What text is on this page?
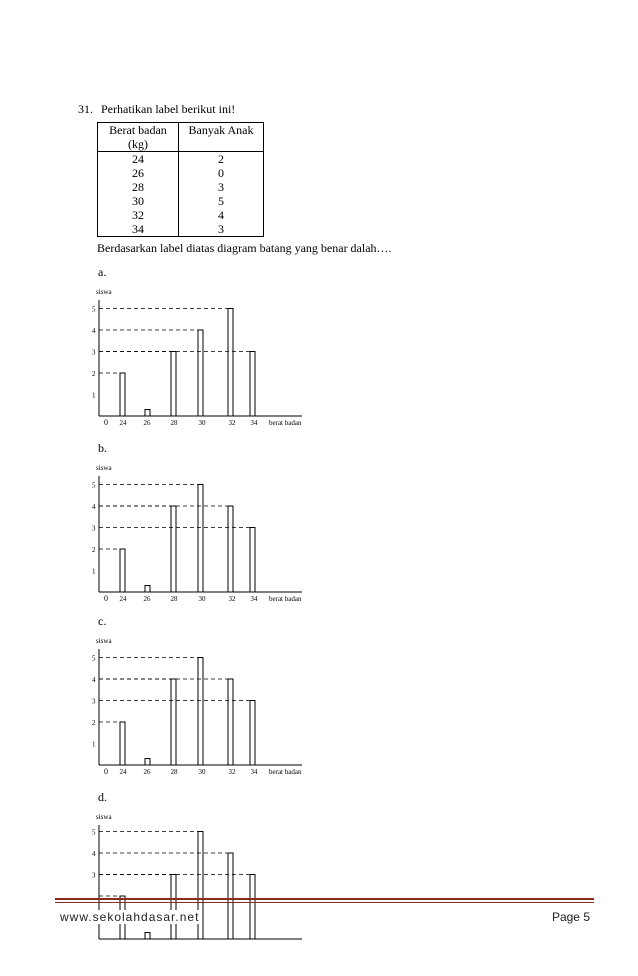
31. Perhatikan label berikut ini!
Berat badan
(kg)	Banyak Anak
24	2
26	0
28	3
30	5
32	4
34	3
Berdasarkan label diatas diagram batang yang benar dalah….
a.
siswa
1
2
3
4
5
0 24 26	28	30	32 34 berat badan
b.
siswa
1
2
3
4
5
0 24 26	28	30	32 34 berat badan
c.
siswa
1
2
3
4
5
0 24 26	28	30	32 34 berat badan
d.
siswa
3
4
5
www.sekolahdasar.net	Page 5
